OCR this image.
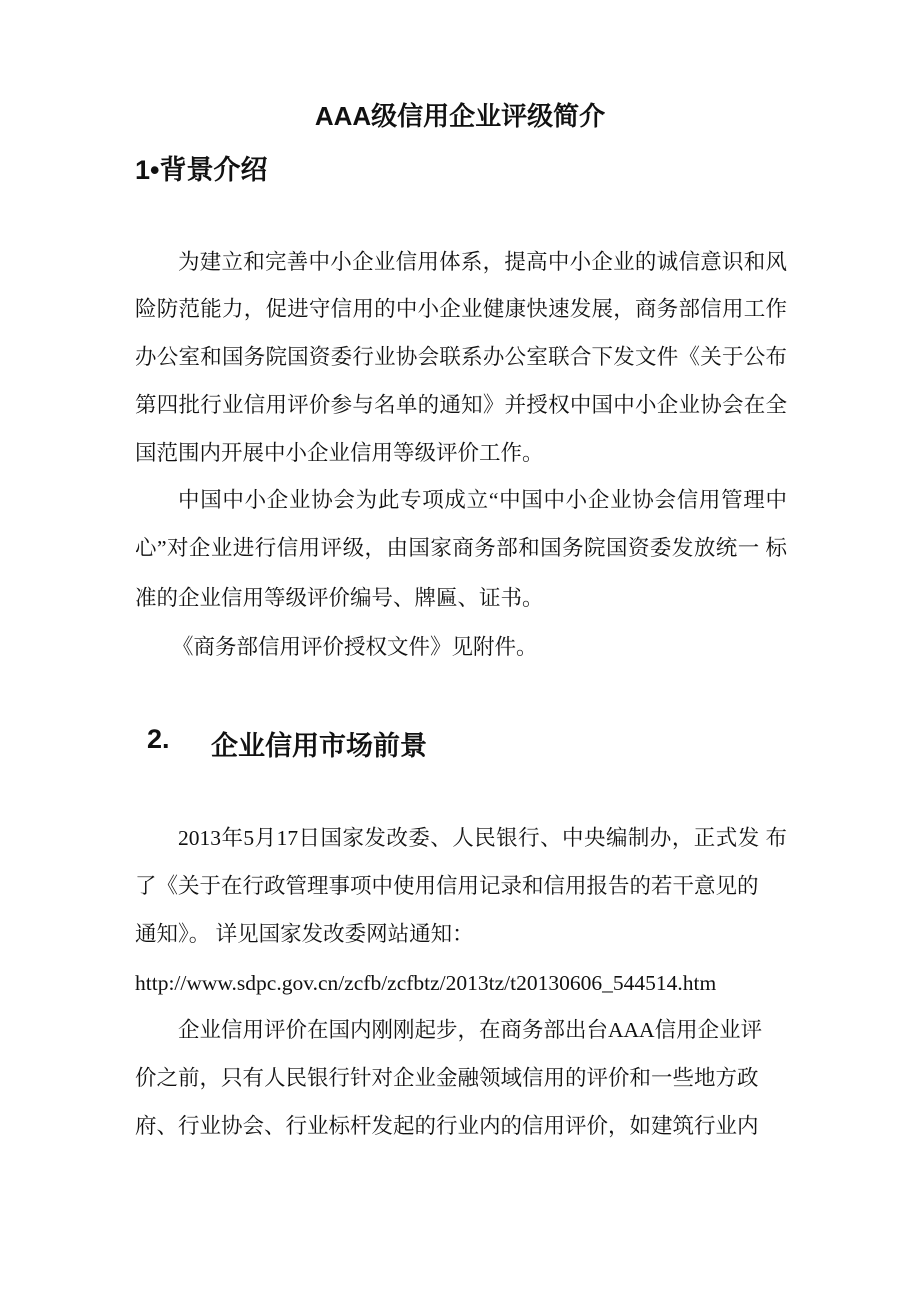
AAA级信用企业评级简介
1•背景介绍
为建立和完善中小企业信用体系，提高中小企业的诚信意识和风
险防范能力，促进守信用的中小企业健康快速发展，商务部信用工作
办公室和国务院国资委行业协会联系办公室联合下发文件《关于公布
第四批行业信用评价参与名单的通知》并授权中国中小企业协会在全
国范围内开展中小企业信用等级评价工作。
中国中小企业协会为此专项成立“中国中小企业协会信用管理中
心”对企业进行信用评级，由国家商务部和国务院国资委发放统一 标
准的企业信用等级评价编号、牌匾、证书。
《商务部信用评价授权文件》见附件。
2. 企业信用市场前景
2013年5月17日国家发改委、人民银行、中央编制办，正式发 布
了《关于在行政管理事项中使用信用记录和信用报告的若干意见的
通知》。 详见国家发改委网站通知：
http://www.sdpc.gov.cn/zcfb/zcfbtz/2013tz/t20130606_544514.htm
企业信用评价在国内刚刚起步，在商务部出台AAA信用企业评
价之前，只有人民银行针对企业金融领域信用的评价和一些地方政
府、行业协会、行业标杆发起的行业内的信用评价，如建筑行业内
